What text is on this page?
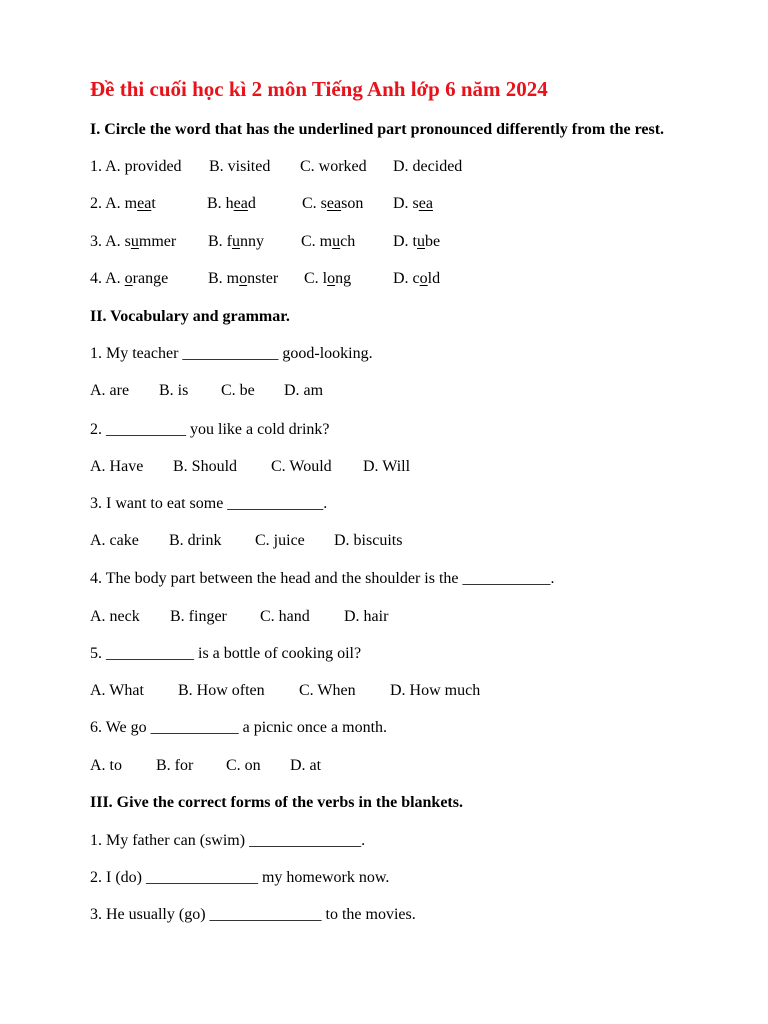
Đề thi cuối học kì 2 môn Tiếng Anh lớp 6 năm 2024
I. Circle the word that has the underlined part pronounced differently from the rest.
1. A. provided	B. visited	C. worked	D. decided
2. A. meat	B. head	C. season	D. sea
3. A. summer	B. funny	C. much	D. tube
4. A. orange	B. monster	C. long	D. cold
II. Vocabulary and grammar.
1. My teacher ____________ good-looking.
A. are	B. is	C. be	D. am
2. __________ you like a cold drink?
A. Have	B. Should	C. Would	D. Will
3. I want to eat some ____________.
A. cake	B. drink	C. juice	D. biscuits
4. The body part between the head and the shoulder is the ___________.
A. neck	B. finger	C. hand	D. hair
5. ___________ is a bottle of cooking oil?
A. What	B. How often	C. When	D. How much
6. We go ___________ a picnic once a month.
A. to	B. for	C. on	D. at
III. Give the correct forms of the verbs in the blankets.
1. My father can (swim) ______________.
2. I (do) ______________ my homework now.
3. He usually (go) ______________ to the movies.
